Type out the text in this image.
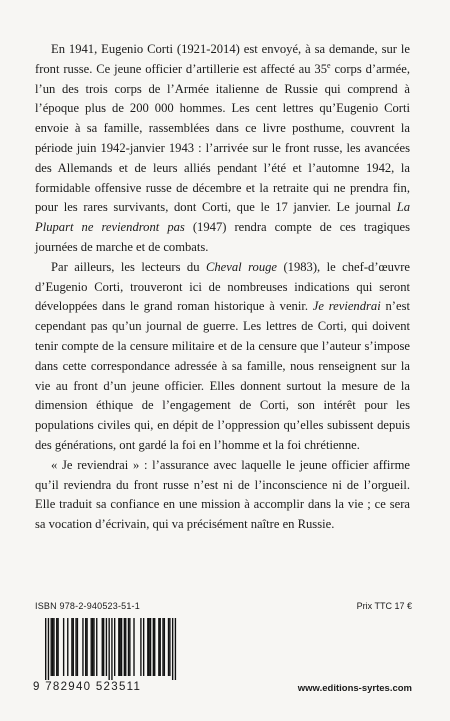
En 1941, Eugenio Corti (1921-2014) est envoyé, à sa demande, sur le front russe. Ce jeune officier d’artillerie est affecté au 35e corps d’armée, l’un des trois corps de l’Armée italienne de Russie qui comprend à l’époque plus de 200 000 hommes. Les cent lettres qu’Eugenio Corti envoie à sa famille, rassemblées dans ce livre posthume, couvrent la période juin 1942-janvier 1943 : l’arrivée sur le front russe, les avancées des Allemands et de leurs alliés pendant l’été et l’automne 1942, la formidable offensive russe de décembre et la retraite qui ne prendra fin, pour les rares survivants, dont Corti, que le 17 janvier. Le journal La Plupart ne reviendront pas (1947) rendra compte de ces tragiques journées de marche et de combats.

Par ailleurs, les lecteurs du Cheval rouge (1983), le chef-d’œuvre d’Eugenio Corti, trouveront ici de nombreuses indications qui seront développées dans le grand roman historique à venir. Je reviendrai n’est cependant pas qu’un journal de guerre. Les lettres de Corti, qui doivent tenir compte de la censure militaire et de la censure que l’auteur s’impose dans cette correspondance adressée à sa famille, nous renseignent sur la vie au front d’un jeune officier. Elles donnent surtout la mesure de la dimension éthique de l’engagement de Corti, son intérêt pour les populations civiles qui, en dépit de l’oppression qu’elles subissent depuis des générations, ont gardé la foi en l’homme et la foi chrétienne.

« Je reviendrai » : l’assurance avec laquelle le jeune officier affirme qu’il reviendra du front russe n’est ni de l’inconscience ni de l’orgueil. Elle traduit sa confiance en une mission à accomplir dans la vie ; ce sera sa vocation d’écrivain, qui va précisément naître en Russie.

ISBN 978-2-940523-51-1	Prix TTC 17 €
9 782940 523511	www.editions-syrtes.com
